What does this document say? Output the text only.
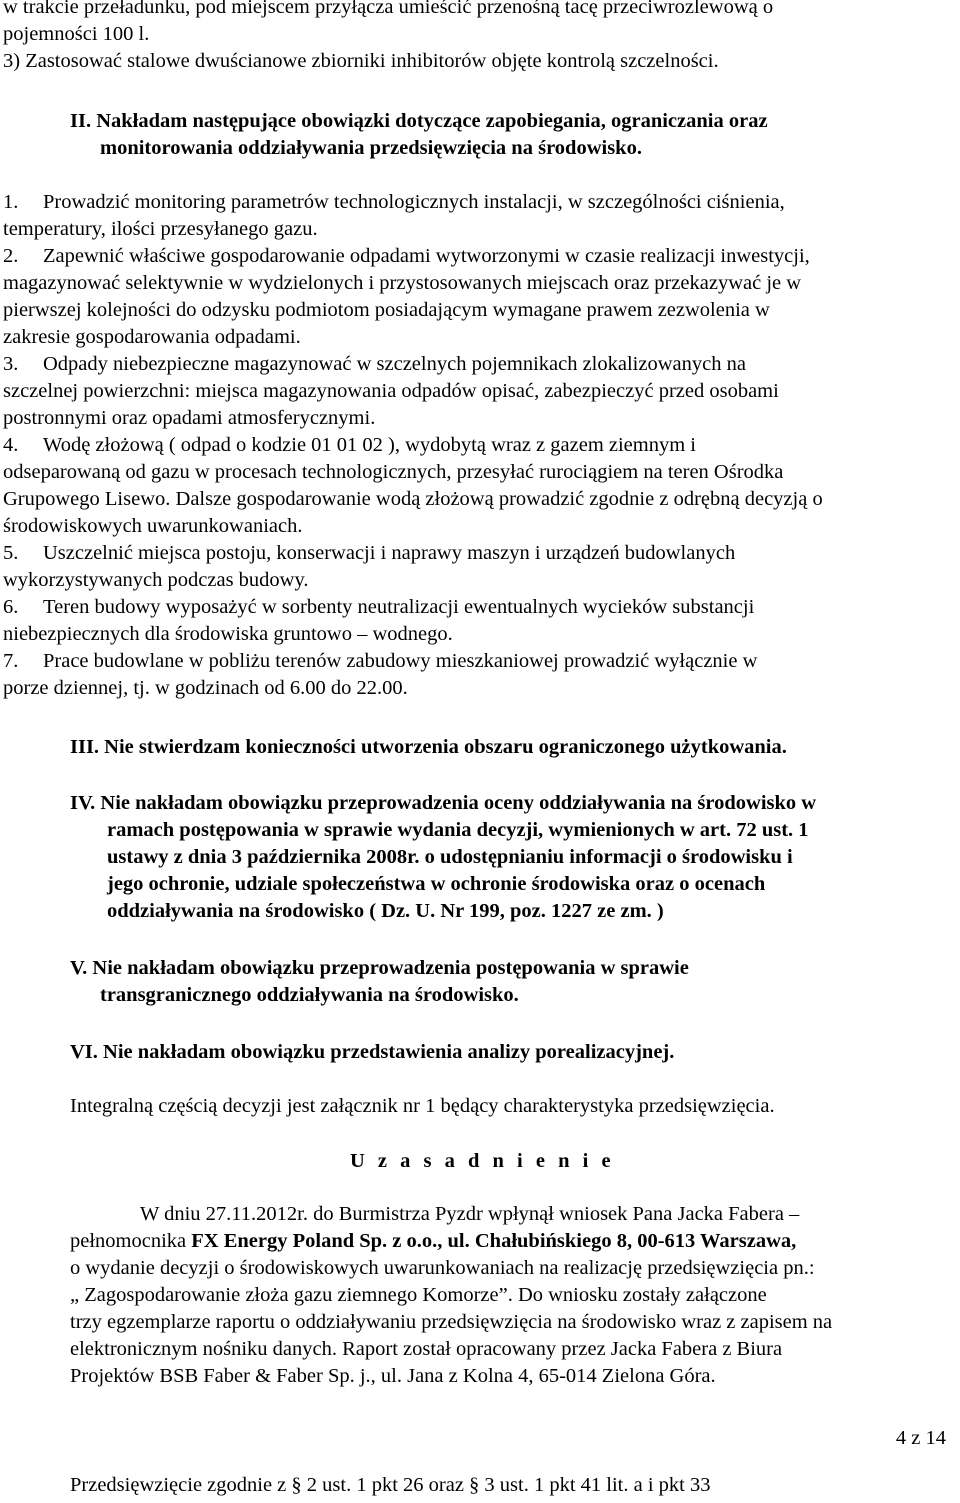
w trakcie przeładunku, pod miejscem przyłącza umieścić przenośną tacę przeciwrozlewową o
pojemności 100 l.
3) Zastosować stalowe dwuścianowe zbiorniki inhibitorów objęte kontrolą szczelności.
II. Nakładam następujące obowiązki dotyczące zapobiegania, ograniczania oraz
monitorowania oddziaływania przedsięwzięcia na środowisko.
1. Prowadzić monitoring parametrów technologicznych instalacji, w szczególności ciśnienia,
temperatury, ilości przesyłanego gazu.
2. Zapewnić właściwe gospodarowanie odpadami wytworzonymi w czasie realizacji inwestycji,
magazynować selektywnie w wydzielonych i przystosowanych miejscach oraz przekazywać je w
pierwszej kolejności do odzysku podmiotom posiadającym wymagane prawem zezwolenia w
zakresie gospodarowania odpadami.
3. Odpady niebezpieczne magazynować w szczelnych pojemnikach zlokalizowanych na
szczelnej powierzchni: miejsca magazynowania odpadów opisać, zabezpieczyć przed osobami
postronnymi oraz opadami atmosferycznymi.
4. Wodę złożową ( odpad o kodzie 01 01 02 ), wydobytą wraz z gazem ziemnym i
odseparowaną od gazu w procesach technologicznych, przesyłać rurociągiem na teren Ośrodka
Grupowego Lisewo. Dalsze gospodarowanie wodą złożową prowadzić zgodnie z odrębną decyzją o
środowiskowych uwarunkowaniach.
5. Uszczelnić miejsca postoju, konserwacji i naprawy maszyn i urządzeń budowlanych
wykorzystywanych podczas budowy.
6. Teren budowy wyposażyć w sorbenty neutralizacji ewentualnych wycieków substancji
niebezpiecznych dla środowiska gruntowo – wodnego.
7. Prace budowlane w pobliżu terenów zabudowy mieszkaniowej prowadzić wyłącznie w
porze dziennej, tj. w godzinach od 6.00 do 22.00.
III. Nie stwierdzam konieczności utworzenia obszaru ograniczonego użytkowania.
IV. Nie nakładam obowiązku przeprowadzenia oceny oddziaływania na środowisko w
ramach postępowania w sprawie wydania decyzji, wymienionych w art. 72 ust. 1
ustawy z dnia 3 października 2008r. o udostępnianiu informacji o środowisku i
jego ochronie, udziale społeczeństwa w ochronie środowiska oraz o ocenach
oddziaływania na środowisko ( Dz. U. Nr 199, poz. 1227 ze zm. )
V. Nie nakładam obowiązku przeprowadzenia postępowania w sprawie
transgranicznego oddziaływania na środowisko.
VI. Nie nakładam obowiązku przedstawienia analizy porealizacyjnej.
Integralną częścią decyzji jest załącznik nr 1 będący charakterystyka przedsięwzięcia.
U z a s a d n i e n i e
W dniu 27.11.2012r. do Burmistrza Pyzdr wpłynął wniosek Pana Jacka Fabera –
pełnomocnika FX Energy Poland Sp. z o.o., ul. Chałubińskiego 8, 00-613 Warszawa,
o wydanie decyzji o środowiskowych uwarunkowaniach na realizację przedsięwzięcia pn.:
„ Zagospodarowanie złoża gazu ziemnego Komorze”. Do wniosku zostały załączone
trzy egzemplarze raportu o oddziaływaniu przedsięwzięcia na środowisko wraz z zapisem na
elektronicznym nośniku danych. Raport został opracowany przez Jacka Fabera z Biura
Projektów BSB Faber & Faber Sp. j., ul. Jana z Kolna 4, 65-014 Zielona Góra.
4 z 14
Przedsięwzięcie zgodnie z § 2 ust. 1 pkt 26 oraz § 3 ust. 1 pkt 41 lit. a i pkt 33
